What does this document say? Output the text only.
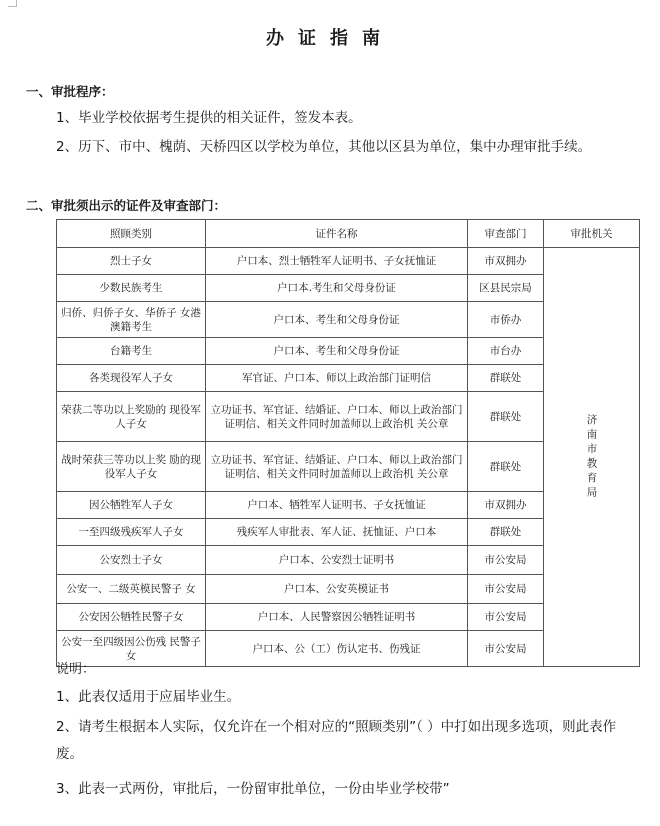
办证指南
一、审批程序：
1、毕业学校依据考生提供的相关证件，签发本表。
2、历下、市中、槐荫、天桥四区以学校为单位，其他以区县为单位，集中办理审批手续。
二、审批须出示的证件及审查部门：
照顾类别	证件名称	审查部门	审批机关
烈士子女	户口本、烈士牺牲军人证明书、子女抚恤证	市双拥办	济南市教育局
少数民族考生	户口本.考生和父母身份证	区县民宗局	
归侨、归侨子女、华侨子 女港澳籍考生	户口本、考生和父母身份证	市侨办	
台籍考生	户口本、考生和父母身份证	市台办	
各类现役军人子女	军官证、户口本、师以上政治部门证明信	群联处	
荣获二等功以上奖励的 现役军人子女	立功证书、军官证、结婚证、户口本、师以上政治部门证明信、相关文件同时加盖师以上政治机 关公章	群联处	
战时荣获三等功以上奖 励的现役军人子女	立功证书、军官证、结婚证、户口本、师以上政治部门证明信、相关文件同时加盖师以上政治机 关公章	群联处	
因公牺牲军人子女	户口本、牺牲军人证明书、子女抚恤证	市双拥办	
一至四级残疾军人子女	残疾军人审批表、军人证、抚恤证、户口本	群联处	
公安烈士子女	户口本、公安烈士证明书	市公安局	
公安一、二级英模民警子 女	户口本、公安英模证书	市公安局	
公安因公牺牲民警子女	户口本、人民警察因公牺牲证明书	市公安局	
公安一至四级因公伤残 民警子女	户口本、公（工）伤认定书、伤残证	市公安局	
说明：
1、此表仅适用于应届毕业生。
2、请考生根据本人实际，仅允许在一个相对应的“照顾类别”（ ）中打如出现多选项，则此表作废。
3、此表一式两份，审批后，一份留审批单位，一份由毕业学校带”
